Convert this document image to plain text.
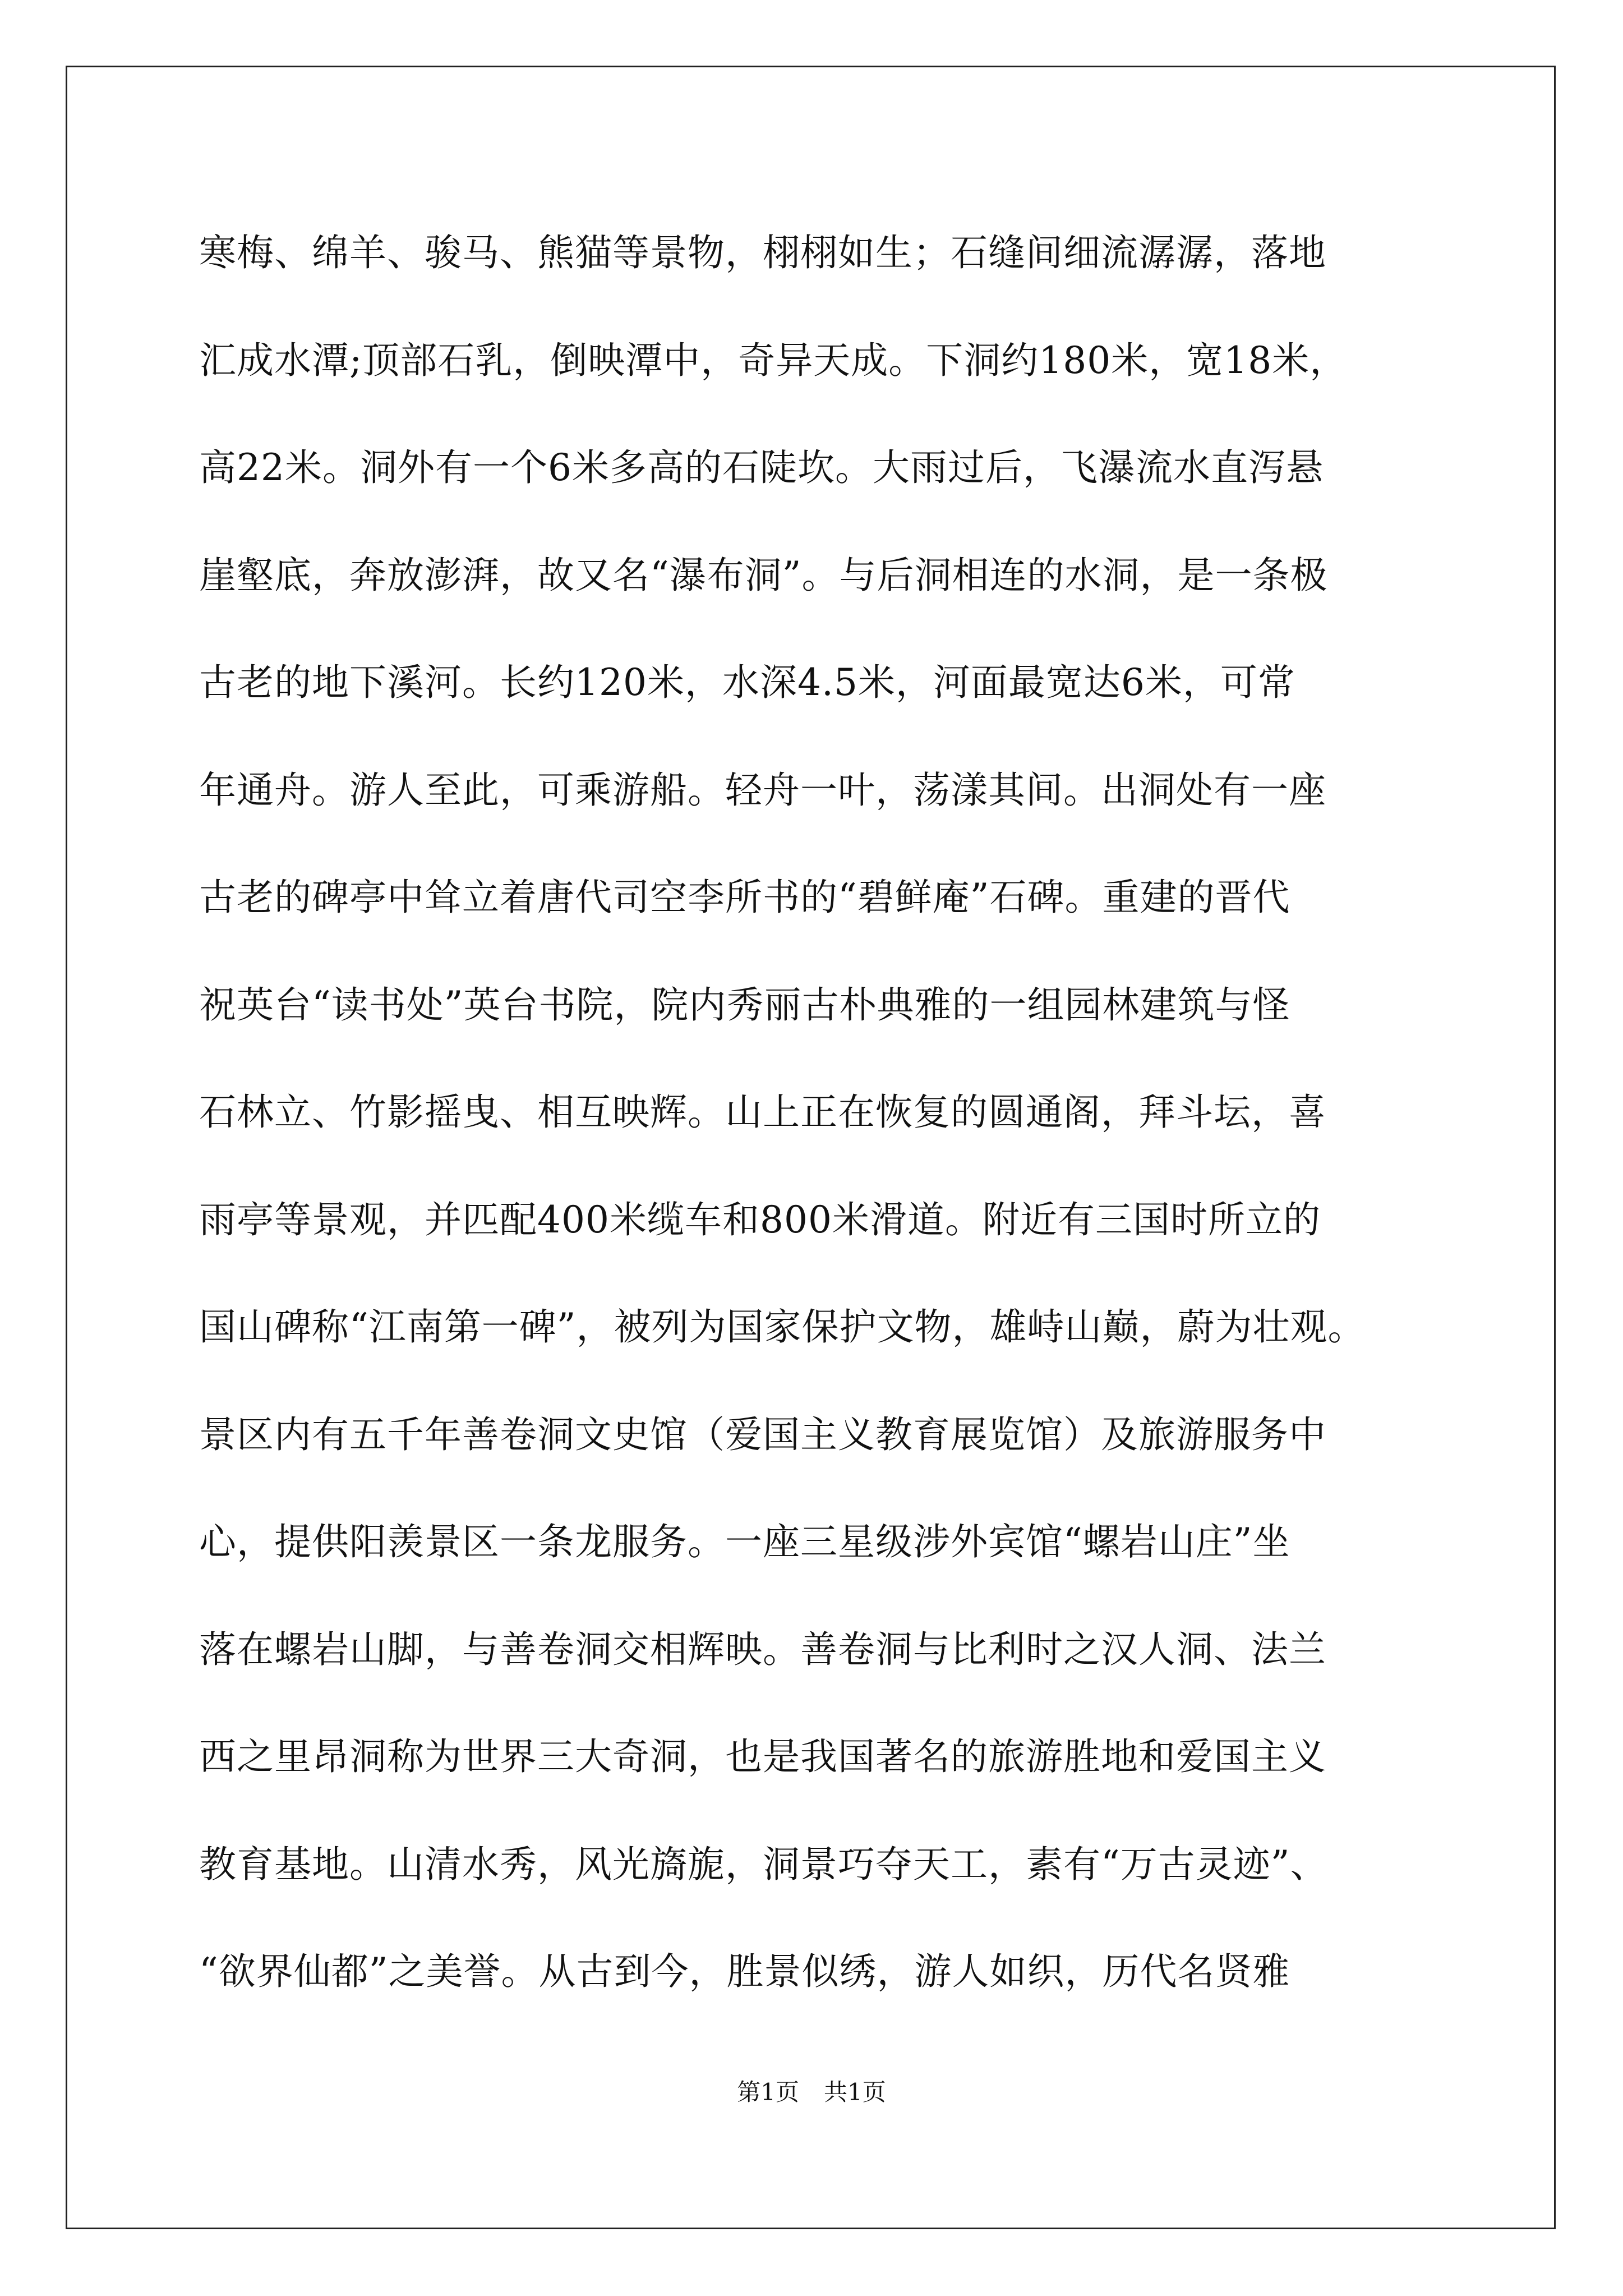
寒梅、绵羊、骏马、熊猫等景物，栩栩如生；石缝间细流潺潺，落地
汇成水潭;顶部石乳，倒映潭中，奇异天成。下洞约180米，宽18米，
高22米。洞外有一个6米多高的石陡坎。大雨过后，飞瀑流水直泻悬
崖壑底，奔放澎湃，故又名“瀑布洞”。与后洞相连的水洞，是一条极
古老的地下溪河。长约120米，水深4.5米，河面最宽达6米，可常
年通舟。游人至此，可乘游船。轻舟一叶，荡漾其间。出洞处有一座
古老的碑亭中耸立着唐代司空李所书的“碧鲜庵”石碑。重建的晋代
祝英台“读书处”英台书院，院内秀丽古朴典雅的一组园林建筑与怪
石林立、竹影摇曳、相互映辉。山上正在恢复的圆通阁，拜斗坛，喜
雨亭等景观，并匹配400米缆车和800米滑道。附近有三国时所立的
国山碑称“江南第一碑”，被列为国家保护文物，雄峙山巅，蔚为壮观。
景区内有五千年善卷洞文史馆（爱国主义教育展览馆）及旅游服务中
心，提供阳羡景区一条龙服务。一座三星级涉外宾馆“螺岩山庄”坐
落在螺岩山脚，与善卷洞交相辉映。善卷洞与比利时之汉人洞、法兰
西之里昂洞称为世界三大奇洞，也是我国著名的旅游胜地和爱国主义
教育基地。山清水秀，风光旖旎，洞景巧夺天工，素有“万古灵迹”、
“欲界仙都”之美誉。从古到今，胜景似绣，游人如织，历代名贤雅
第1页 共1页
